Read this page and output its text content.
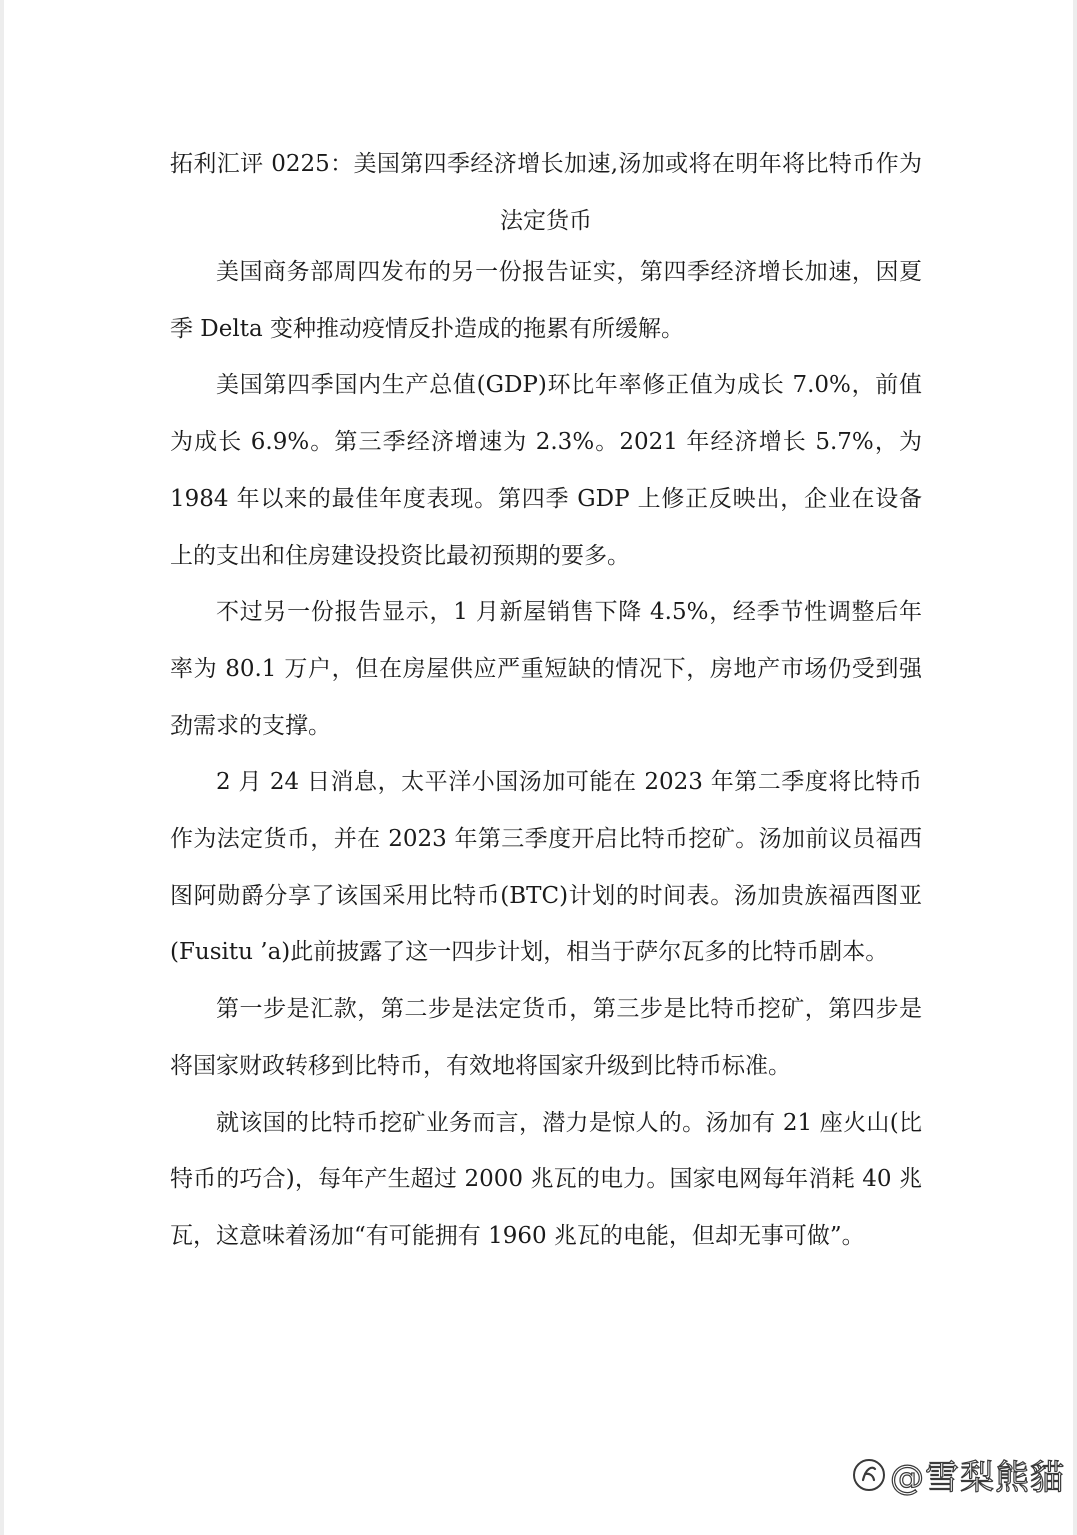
拓利汇评 0225：美国第四季经济增长加速,汤加或将在明年将比特币作为法定货币

美国商务部周四发布的另一份报告证实，第四季经济增长加速，因夏季 Delta 变种推动疫情反扑造成的拖累有所缓解。

美国第四季国内生产总值(GDP)环比年率修正值为成长 7.0%，前值为成长 6.9%。第三季经济增速为 2.3%。2021 年经济增长 5.7%，为 1984 年以来的最佳年度表现。第四季 GDP 上修正反映出，企业在设备上的支出和住房建设投资比最初预期的要多。

不过另一份报告显示，1 月新屋销售下降 4.5%，经季节性调整后年率为 80.1 万户，但在房屋供应严重短缺的情况下，房地产市场仍受到强劲需求的支撑。

2 月 24 日消息，太平洋小国汤加可能在 2023 年第二季度将比特币作为法定货币，并在 2023 年第三季度开启比特币挖矿。汤加前议员福西图阿勋爵分享了该国采用比特币(BTC)计划的时间表。汤加贵族福西图亚(Fusitu ’a)此前披露了这一四步计划，相当于萨尔瓦多的比特币剧本。

第一步是汇款，第二步是法定货币，第三步是比特币挖矿，第四步是将国家财政转移到比特币，有效地将国家升级到比特币标准。

就该国的比特币挖矿业务而言，潜力是惊人的。汤加有 21 座火山(比特币的巧合)，每年产生超过 2000 兆瓦的电力。国家电网每年消耗 40 兆瓦，这意味着汤加“有可能拥有 1960 兆瓦的电能，但却无事可做”。

@雪梨熊貓
